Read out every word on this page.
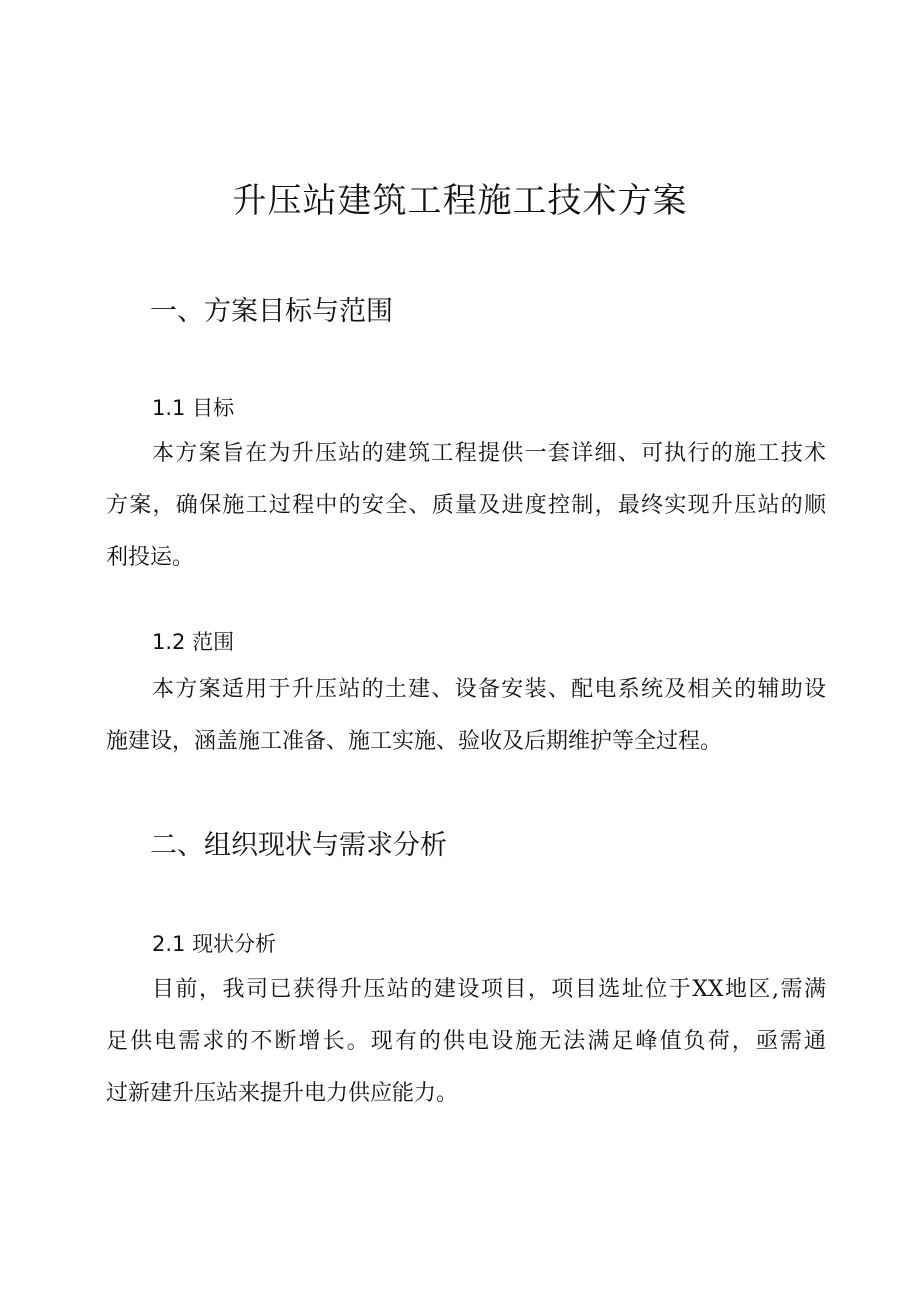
升压站建筑工程施工技术方案
一、方案目标与范围
1.1 目标
本方案旨在为升压站的建筑工程提供一套详细、可执行的施工技术
方案，确保施工过程中的安全、质量及进度控制，最终实现升压站的顺
利投运。
1.2 范围
本方案适用于升压站的土建、设备安装、配电系统及相关的辅助设
施建设，涵盖施工准备、施工实施、验收及后期维护等全过程。
二、组织现状与需求分析
2.1 现状分析
目前，我司已获得升压站的建设项目，项目选址位于XX地区,需满
足供电需求的不断增长。现有的供电设施无法满足峰值负荷，亟需通
过新建升压站来提升电力供应能力。
